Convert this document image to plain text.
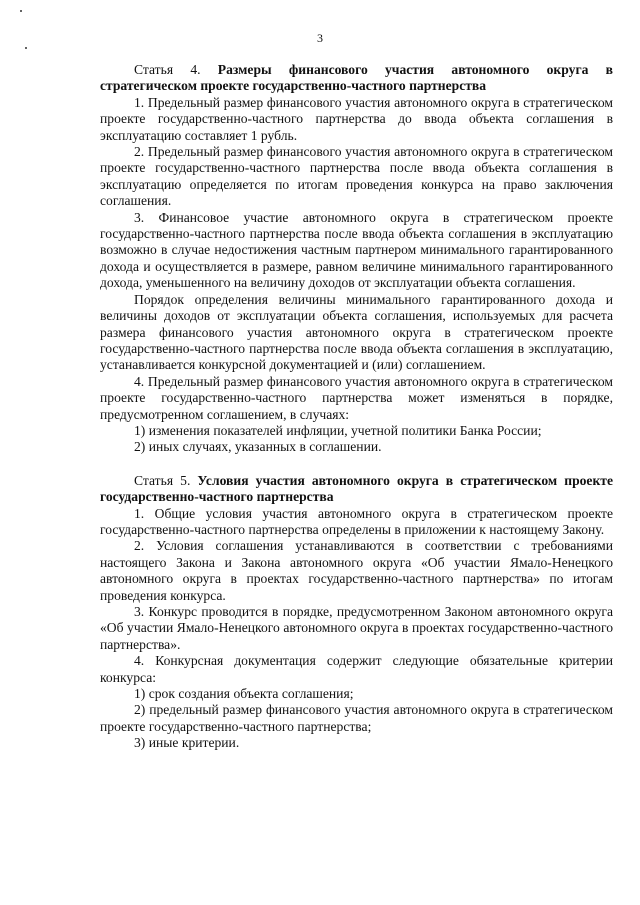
3

Статья 4. Размеры финансового участия автономного округа в стратегическом проекте государственно-частного партнерства

1. Предельный размер финансового участия автономного округа в стратегическом проекте государственно-частного партнерства до ввода объекта соглашения в эксплуатацию составляет 1 рубль.

2. Предельный размер финансового участия автономного округа в стратегическом проекте государственно-частного партнерства после ввода объекта соглашения в эксплуатацию определяется по итогам проведения конкурса на право заключения соглашения.

3. Финансовое участие автономного округа в стратегическом проекте государственно-частного партнерства после ввода объекта соглашения в эксплуатацию возможно в случае недостижения частным партнером минимального гарантированного дохода и осуществляется в размере, равном величине минимального гарантированного дохода, уменьшенного на величину доходов от эксплуатации объекта соглашения.

Порядок определения величины минимального гарантированного дохода и величины доходов от эксплуатации объекта соглашения, используемых для расчета размера финансового участия автономного округа в стратегическом проекте государственно-частного партнерства после ввода объекта соглашения в эксплуатацию, устанавливается конкурсной документацией и (или) соглашением.

4. Предельный размер финансового участия автономного округа в стратегическом проекте государственно-частного партнерства может изменяться в порядке, предусмотренном соглашением, в случаях:

1) изменения показателей инфляции, учетной политики Банка России;

2) иных случаях, указанных в соглашении.

Статья 5. Условия участия автономного округа в стратегическом проекте государственно-частного партнерства

1. Общие условия участия автономного округа в стратегическом проекте государственно-частного партнерства определены в приложении к настоящему Закону.

2. Условия соглашения устанавливаются в соответствии с требованиями настоящего Закона и Закона автономного округа «Об участии Ямало-Ненецкого автономного округа в проектах государственно-частного партнерства» по итогам проведения конкурса.

3. Конкурс проводится в порядке, предусмотренном Законом автономного округа «Об участии Ямало-Ненецкого автономного округа в проектах государственно-частного партнерства».

4. Конкурсная документация содержит следующие обязательные критерии конкурса:

1) срок создания объекта соглашения;

2) предельный размер финансового участия автономного округа в стратегическом проекте государственно-частного партнерства;

3) иные критерии.
